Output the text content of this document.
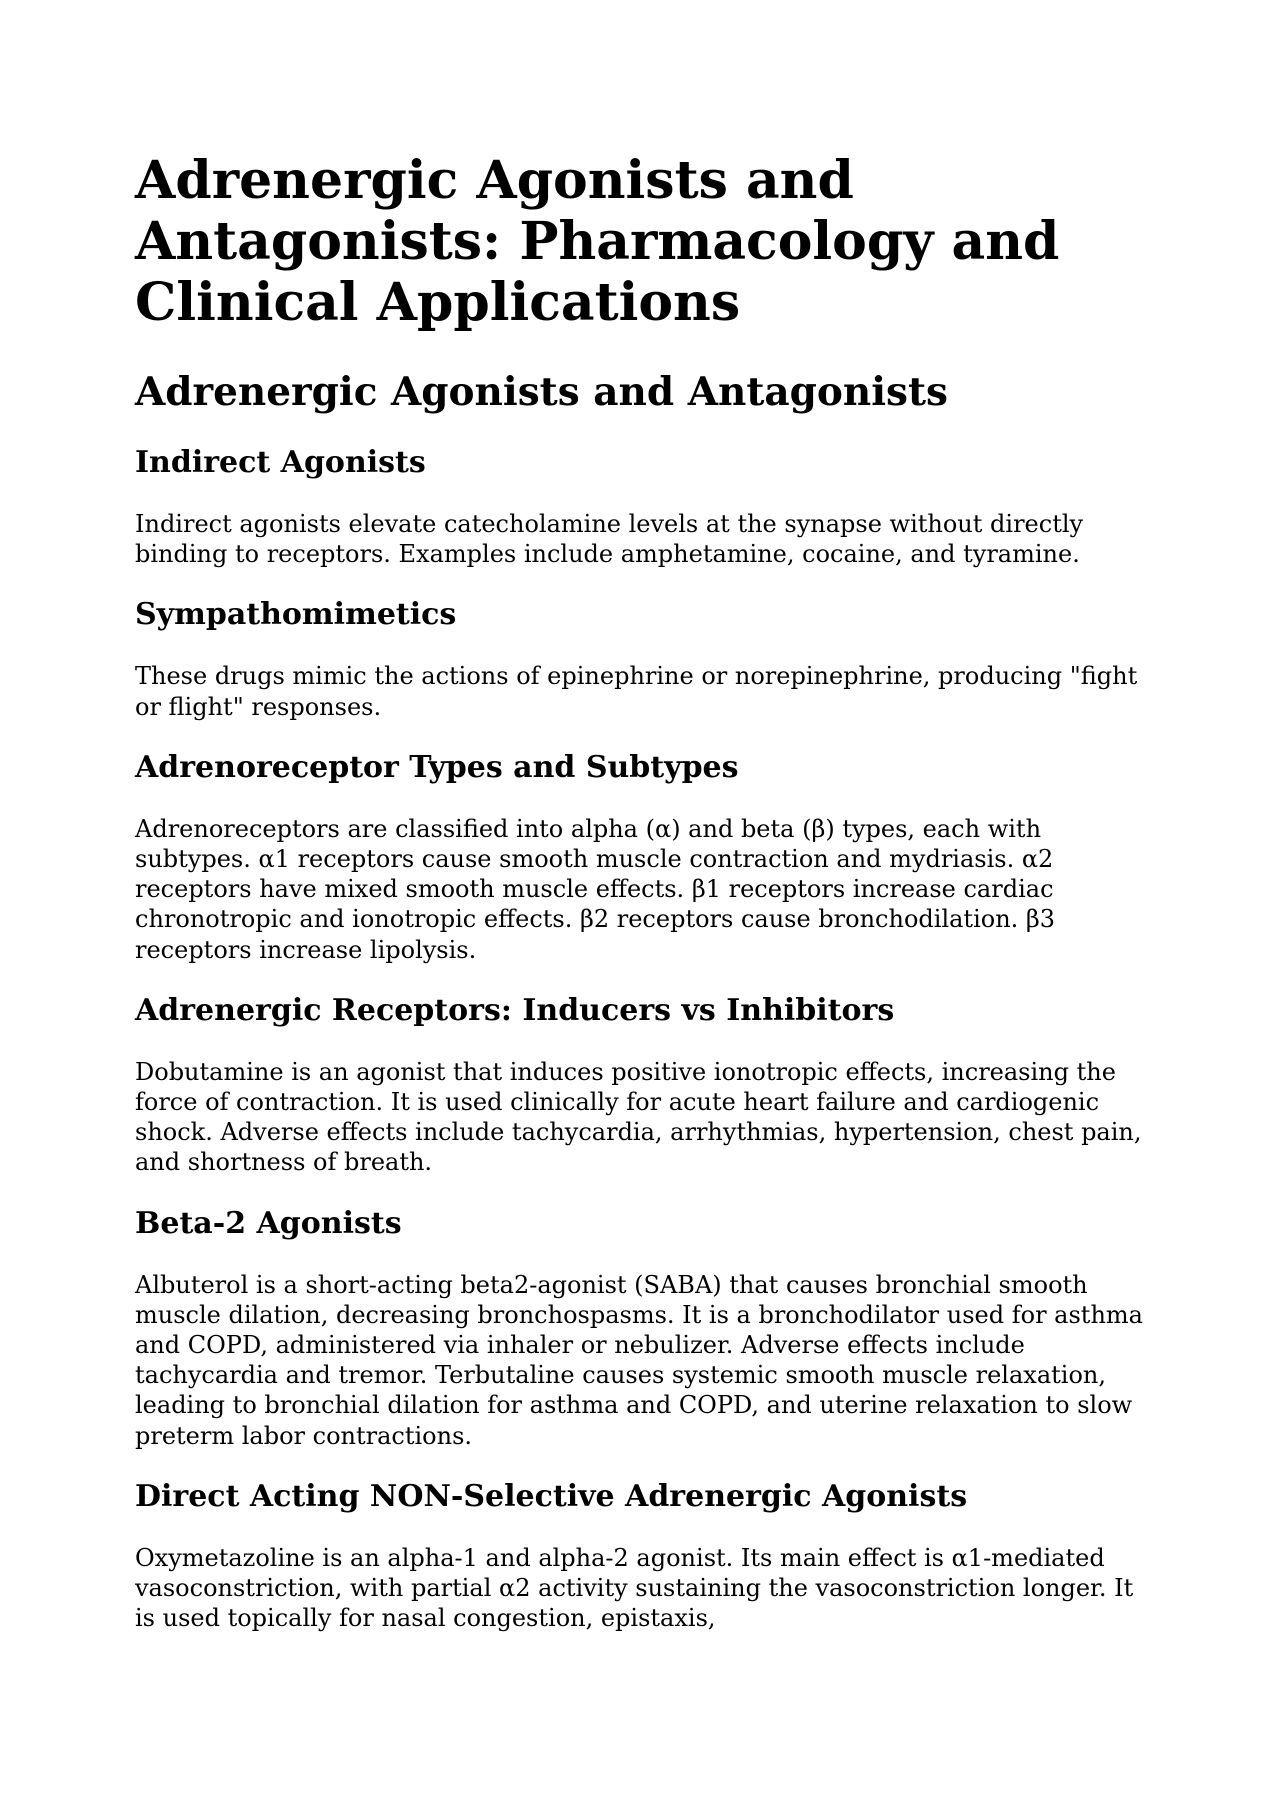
Adrenergic Agonists and Antagonists: Pharmacology and Clinical Applications
Adrenergic Agonists and Antagonists
Indirect Agonists

Indirect agonists elevate catecholamine levels at the synapse without directly binding to receptors. Examples include amphetamine, cocaine, and tyramine.

Sympathomimetics

These drugs mimic the actions of epinephrine or norepinephrine, producing "fight or flight" responses.

Adrenoreceptor Types and Subtypes

Adrenoreceptors are classified into alpha (α) and beta (β) types, each with subtypes. α1 receptors cause smooth muscle contraction and mydriasis. α2 receptors have mixed smooth muscle effects. β1 receptors increase cardiac chronotropic and ionotropic effects. β2 receptors cause bronchodilation. β3 receptors increase lipolysis.

Adrenergic Receptors: Inducers vs Inhibitors

Dobutamine is an agonist that induces positive ionotropic effects, increasing the force of contraction. It is used clinically for acute heart failure and cardiogenic shock. Adverse effects include tachycardia, arrhythmias, hypertension, chest pain, and shortness of breath.

Beta-2 Agonists

Albuterol is a short-acting beta2-agonist (SABA) that causes bronchial smooth muscle dilation, decreasing bronchospasms. It is a bronchodilator used for asthma and COPD, administered via inhaler or nebulizer. Adverse effects include tachycardia and tremor. Terbutaline causes systemic smooth muscle relaxation, leading to bronchial dilation for asthma and COPD, and uterine relaxation to slow preterm labor contractions.

Direct Acting NON-Selective Adrenergic Agonists

Oxymetazoline is an alpha-1 and alpha-2 agonist. Its main effect is α1-mediated vasoconstriction, with partial α2 activity sustaining the vasoconstriction longer. It is used topically for nasal congestion, epistaxis,
